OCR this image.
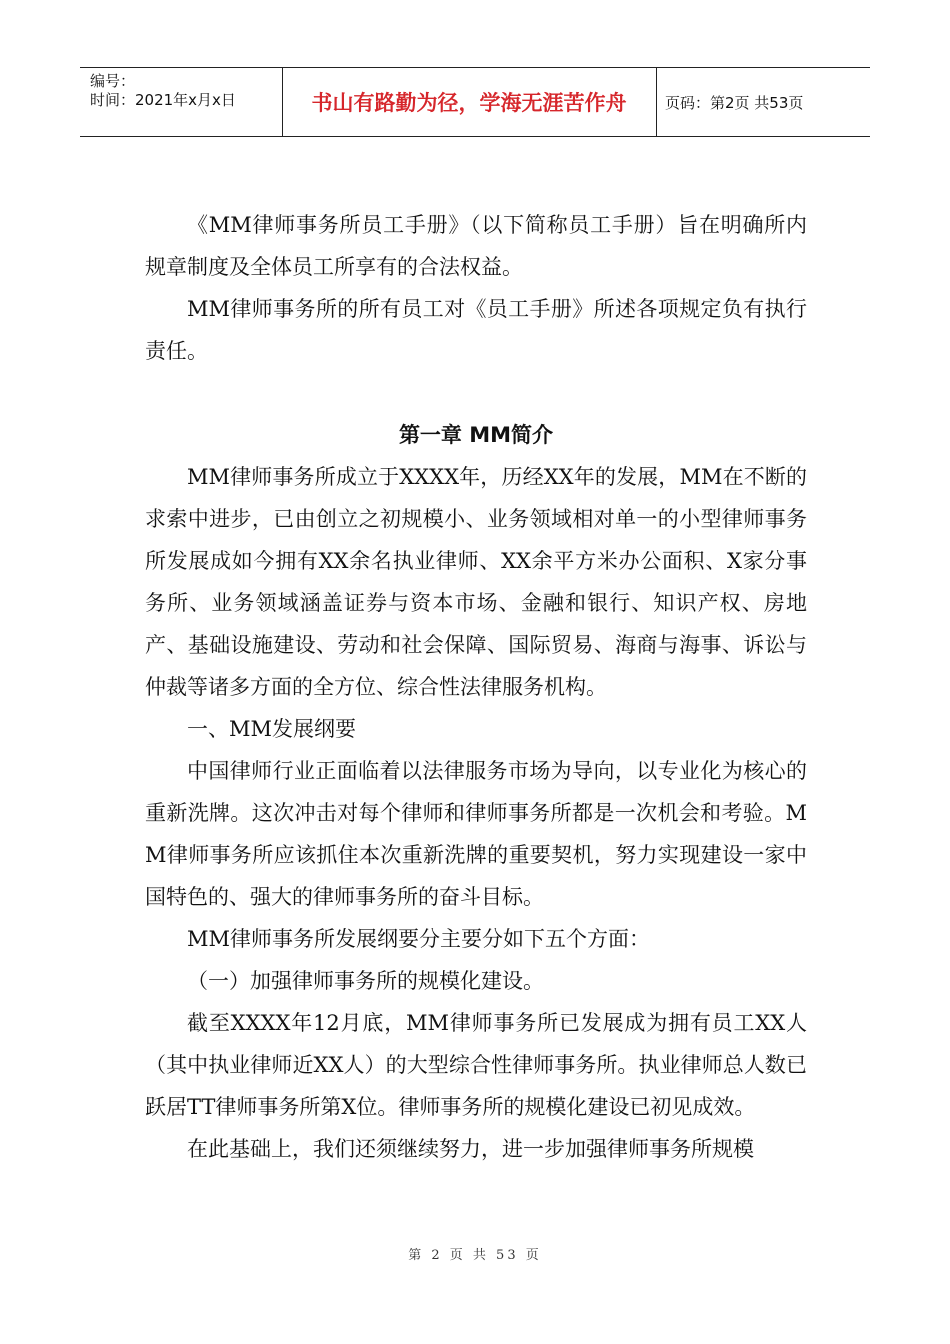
编号：
时间：2021年x月x日	书山有路勤为径，学海无涯苦作舟	页码：第2页 共53页

《MM律师事务所员工手册》（以下简称员工手册）旨在明确所内规章制度及全体员工所享有的合法权益。

MM律师事务所的所有员工对《员工手册》所述各项规定负有执行责任。

第一章 MM简介

MM律师事务所成立于XXXX年，历经XX年的发展，MM在不断的求索中进步，已由创立之初规模小、业务领域相对单一的小型律师事务所发展成如今拥有XX余名执业律师、XX余平方米办公面积、X家分事务所、业务领域涵盖证券与资本市场、金融和银行、知识产权、房地产、基础设施建设、劳动和社会保障、国际贸易、海商与海事、诉讼与仲裁等诸多方面的全方位、综合性法律服务机构。

一、MM发展纲要

中国律师行业正面临着以法律服务市场为导向，以专业化为核心的重新洗牌。这次冲击对每个律师和律师事务所都是一次机会和考验。MM律师事务所应该抓住本次重新洗牌的重要契机，努力实现建设一家中国特色的、强大的律师事务所的奋斗目标。

MM律师事务所发展纲要分主要分如下五个方面：

（一）加强律师事务所的规模化建设。

截至XXXX年12月底，MM律师事务所已发展成为拥有员工XX人（其中执业律师近XX人）的大型综合性律师事务所。执业律师总人数已跃居TT律师事务所第X位。律师事务所的规模化建设已初见成效。

在此基础上，我们还须继续努力，进一步加强律师事务所规模

第 2 页 共 53 页
